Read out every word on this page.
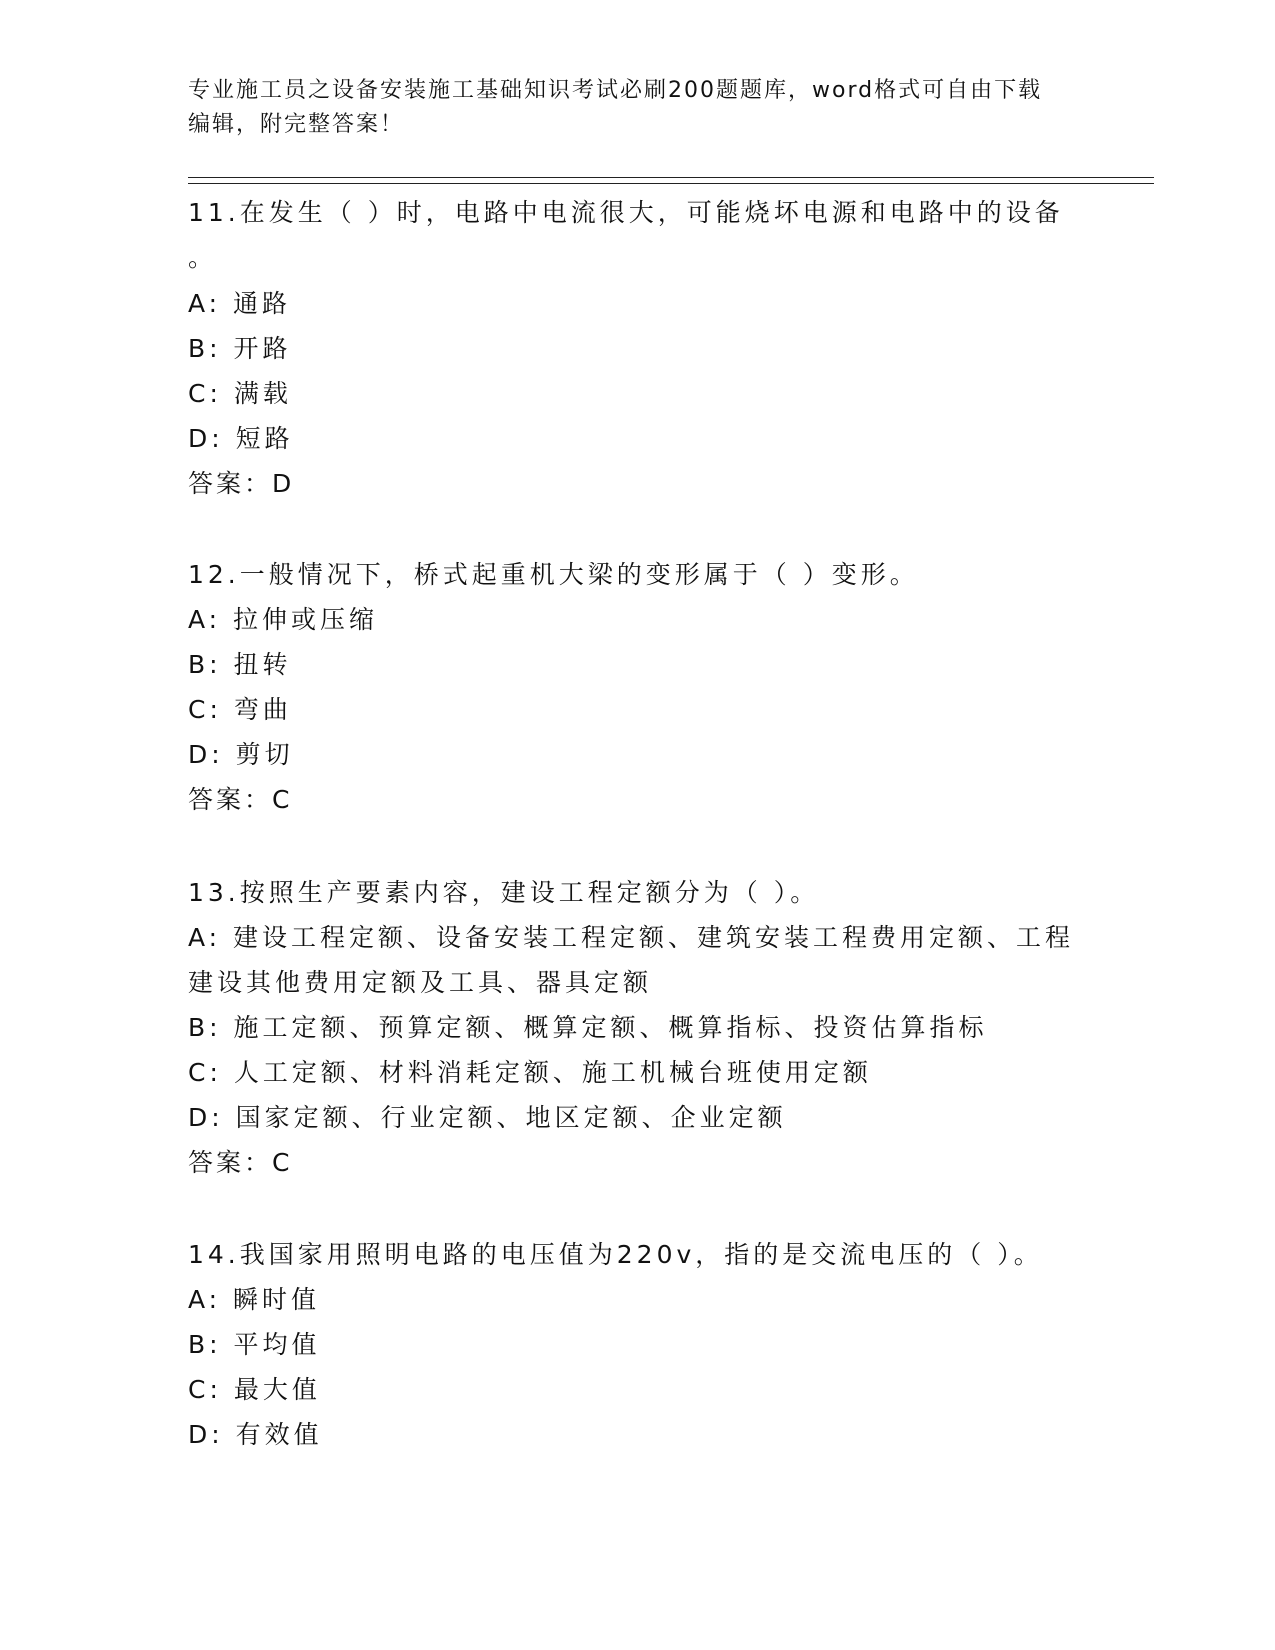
专业施工员之设备安装施工基础知识考试必刷200题题库，word格式可自由下载
编辑，附完整答案！
11.在发生（ ）时，电路中电流很大，可能烧坏电源和电路中的设备
。
A: 通路
B: 开路
C: 满载
D: 短路
答案：D
12.一般情况下，桥式起重机大梁的变形属于（ ）变形。
A: 拉伸或压缩
B: 扭转
C: 弯曲
D: 剪切
答案：C
13.按照生产要素内容，建设工程定额分为（ ）。
A: 建设工程定额、设备安装工程定额、建筑安装工程费用定额、工程
建设其他费用定额及工具、器具定额
B: 施工定额、预算定额、概算定额、概算指标、投资估算指标
C: 人工定额、材料消耗定额、施工机械台班使用定额
D: 国家定额、行业定额、地区定额、企业定额
答案：C
14.我国家用照明电路的电压值为220v，指的是交流电压的（ ）。
A: 瞬时值
B: 平均值
C: 最大值
D: 有效值
